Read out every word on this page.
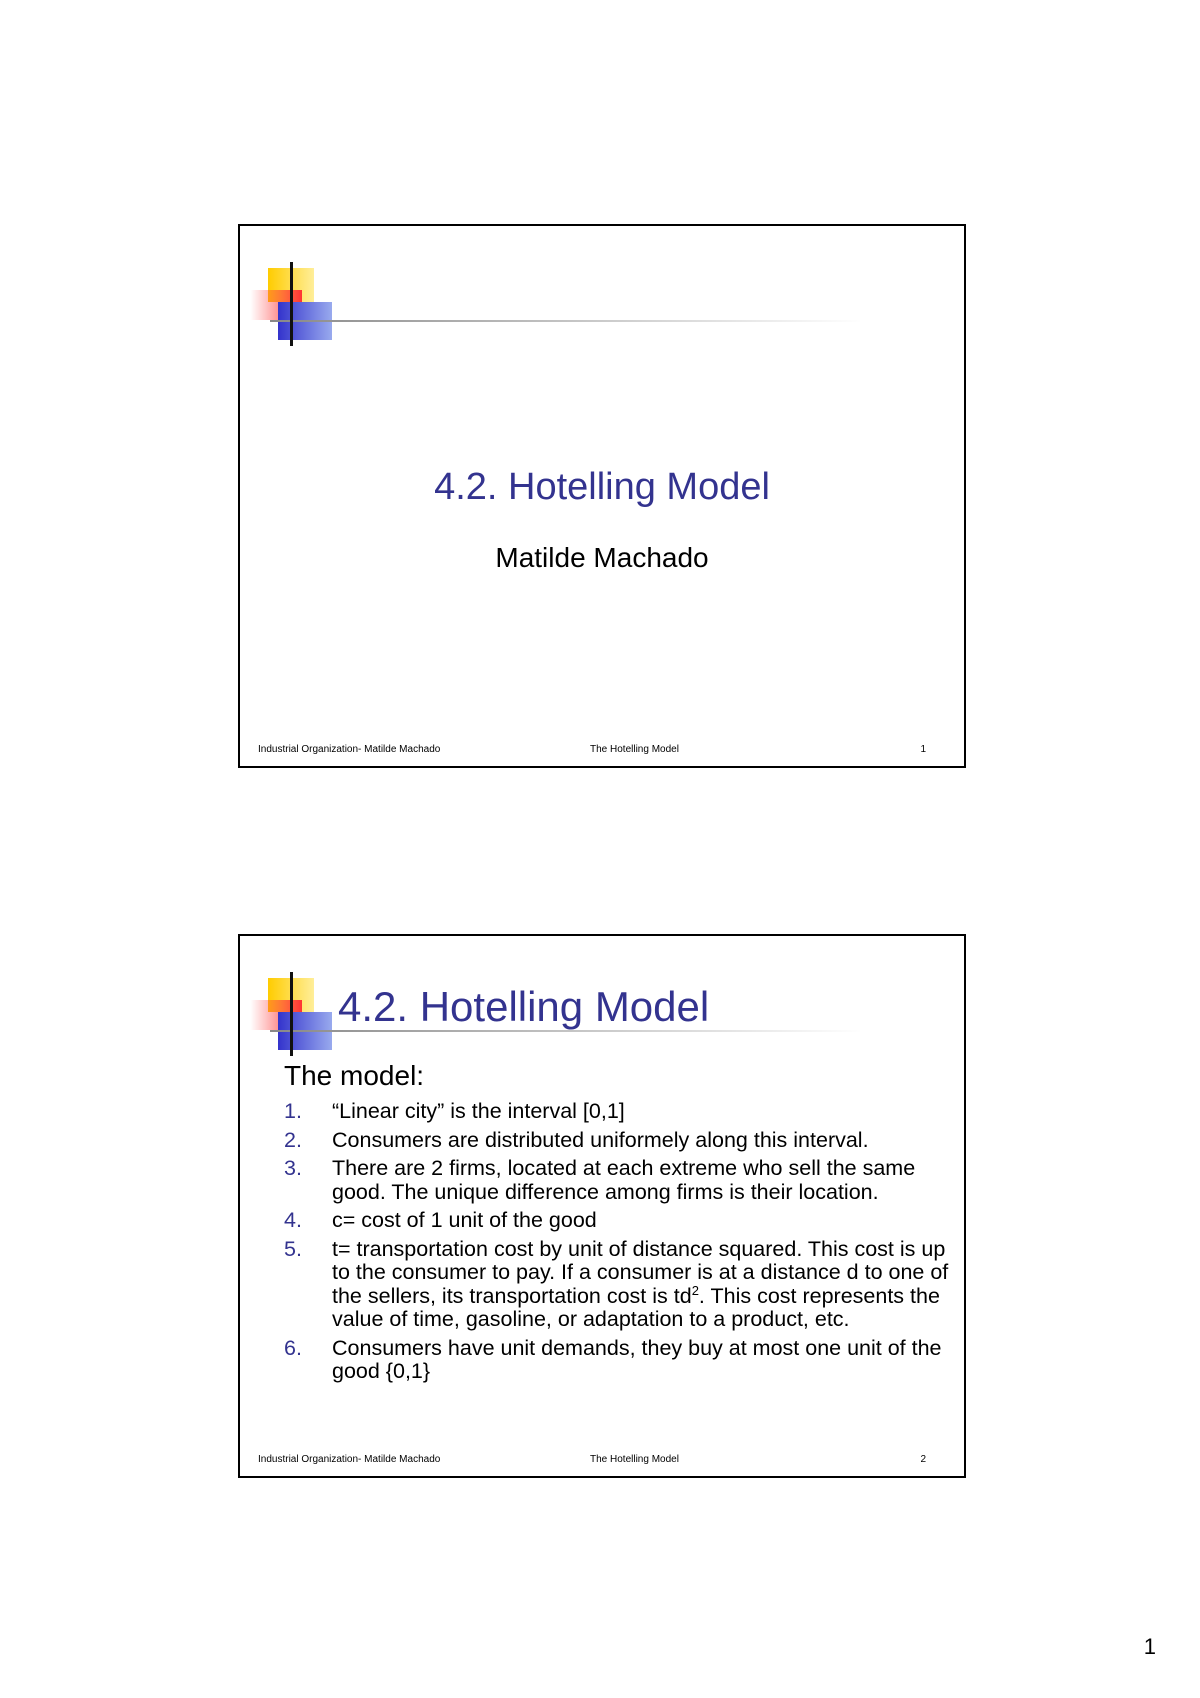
4.2. Hotelling Model
Matilde Machado
Industrial Organization- Matilde Machado	The Hotelling Model	1
4.2. Hotelling Model
The model:
1. “Linear city” is the interval [0,1]
2. Consumers are distributed uniformely along this interval.
3. There are 2 firms, located at each extreme who sell the same good. The unique difference among firms is their location.
4. c= cost of 1 unit of the good
5. t= transportation cost by unit of distance squared. This cost is up to the consumer to pay. If a consumer is at a distance d to one of the sellers, its transportation cost is $td^2$. This cost represents the value of time, gasoline, or adaptation to a product, etc.
6. Consumers have unit demands, they buy at most one unit of the good {0,1}
Industrial Organization- Matilde Machado	The Hotelling Model	2
1
